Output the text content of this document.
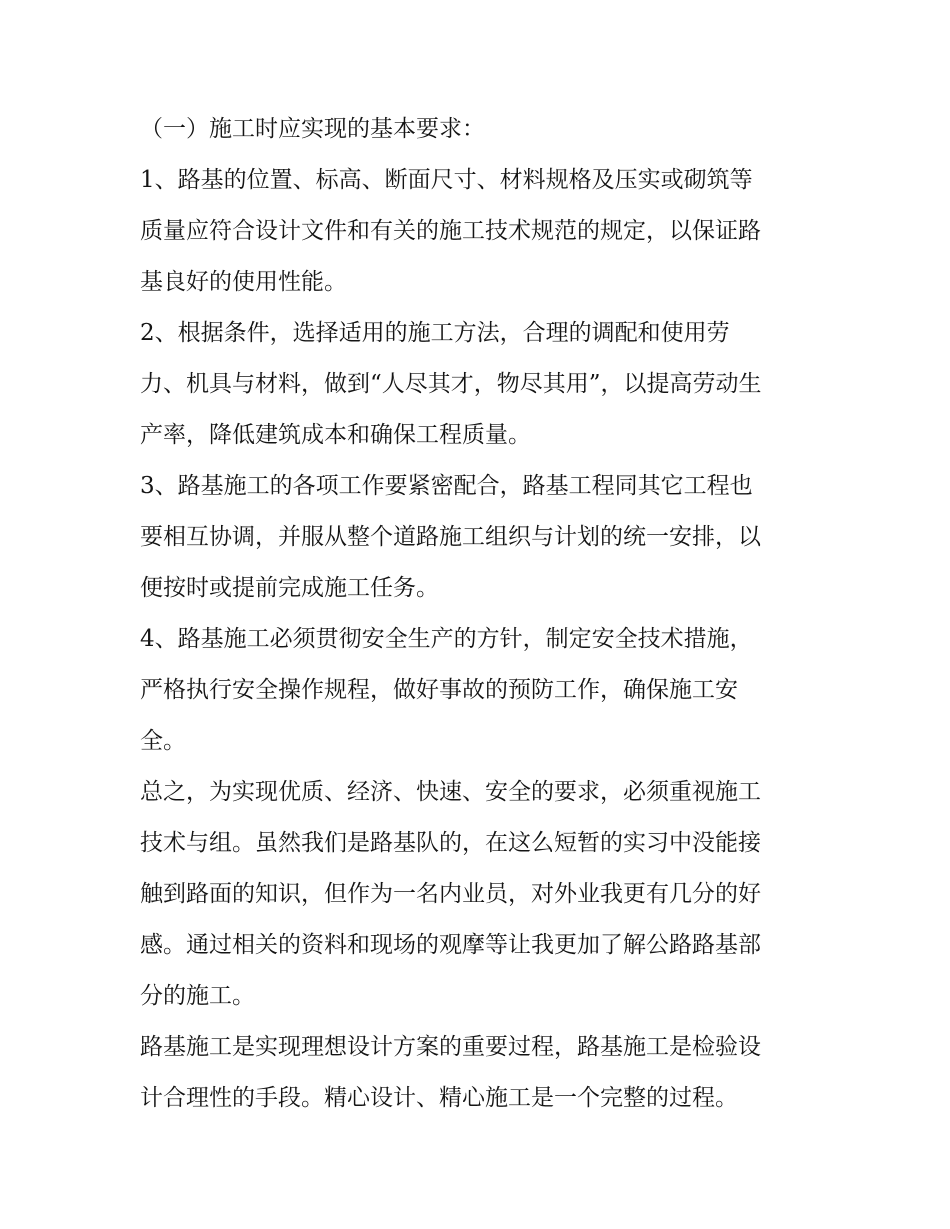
（一）施工时应实现的基本要求：
1、路基的位置、标高、断面尺寸、材料规格及压实或砌筑等
质量应符合设计文件和有关的施工技术规范的规定，以保证路
基良好的使用性能。
2、根据条件，选择适用的施工方法，合理的调配和使用劳
力、机具与材料，做到“人尽其才，物尽其用”，以提高劳动生
产率，降低建筑成本和确保工程质量。
3、路基施工的各项工作要紧密配合，路基工程同其它工程也
要相互协调，并服从整个道路施工组织与计划的统一安排，以
便按时或提前完成施工任务。
4、路基施工必须贯彻安全生产的方针，制定安全技术措施，
严格执行安全操作规程，做好事故的预防工作，确保施工安
全。
总之，为实现优质、经济、快速、安全的要求，必须重视施工
技术与组。虽然我们是路基队的，在这么短暂的实习中没能接
触到路面的知识，但作为一名内业员，对外业我更有几分的好
感。通过相关的资料和现场的观摩等让我更加了解公路路基部
分的施工。
路基施工是实现理想设计方案的重要过程，路基施工是检验设
计合理性的手段。精心设计、精心施工是一个完整的过程。
